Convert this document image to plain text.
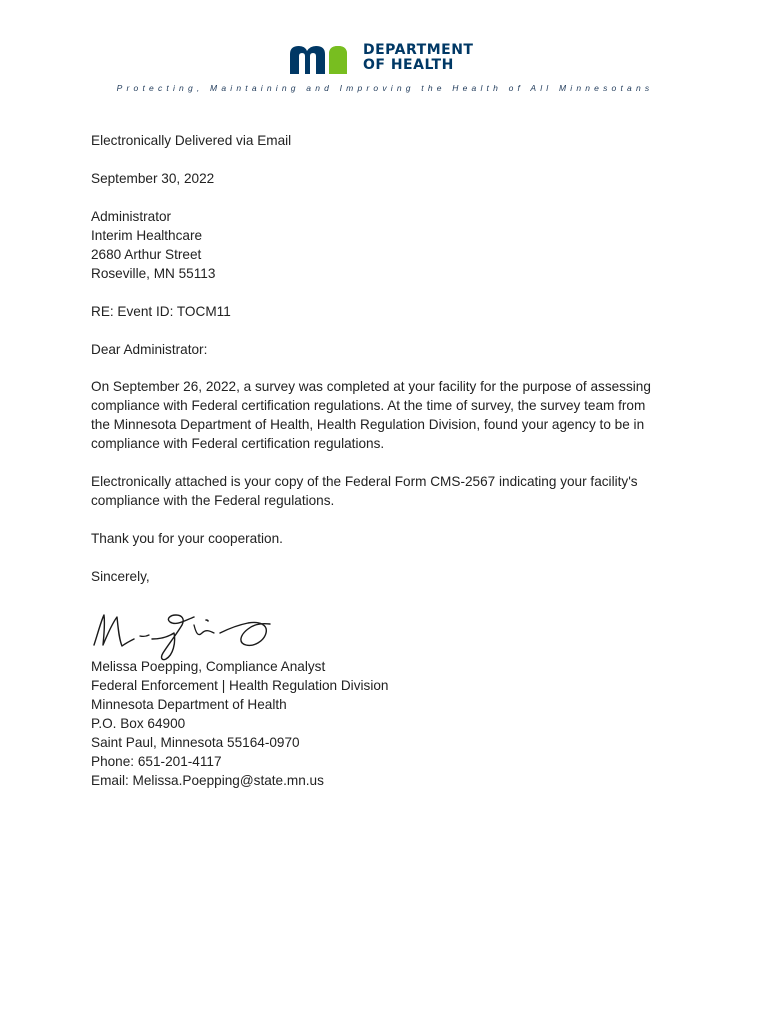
DEPARTMENT
OF HEALTH
Protecting, Maintaining and Improving the Health of All Minnesotans

Electronically Delivered via Email

September 30, 2022

Administrator
Interim Healthcare
2680 Arthur Street
Roseville, MN 55113

RE: Event ID: TOCM11

Dear Administrator:

On September 26, 2022, a survey was completed at your facility for the purpose of assessing
compliance with Federal certification regulations. At the time of survey, the survey team from
the Minnesota Department of Health, Health Regulation Division, found your agency to be in
compliance with Federal certification regulations.

Electronically attached is your copy of the Federal Form CMS-2567 indicating your facility's
compliance with the Federal regulations.

Thank you for your cooperation.

Sincerely,

Melissa Poepping, Compliance Analyst
Federal Enforcement | Health Regulation Division
Minnesota Department of Health
P.O. Box 64900
Saint Paul, Minnesota 55164-0970
Phone: 651-201-4117
Email: Melissa.Poepping@state.mn.us
